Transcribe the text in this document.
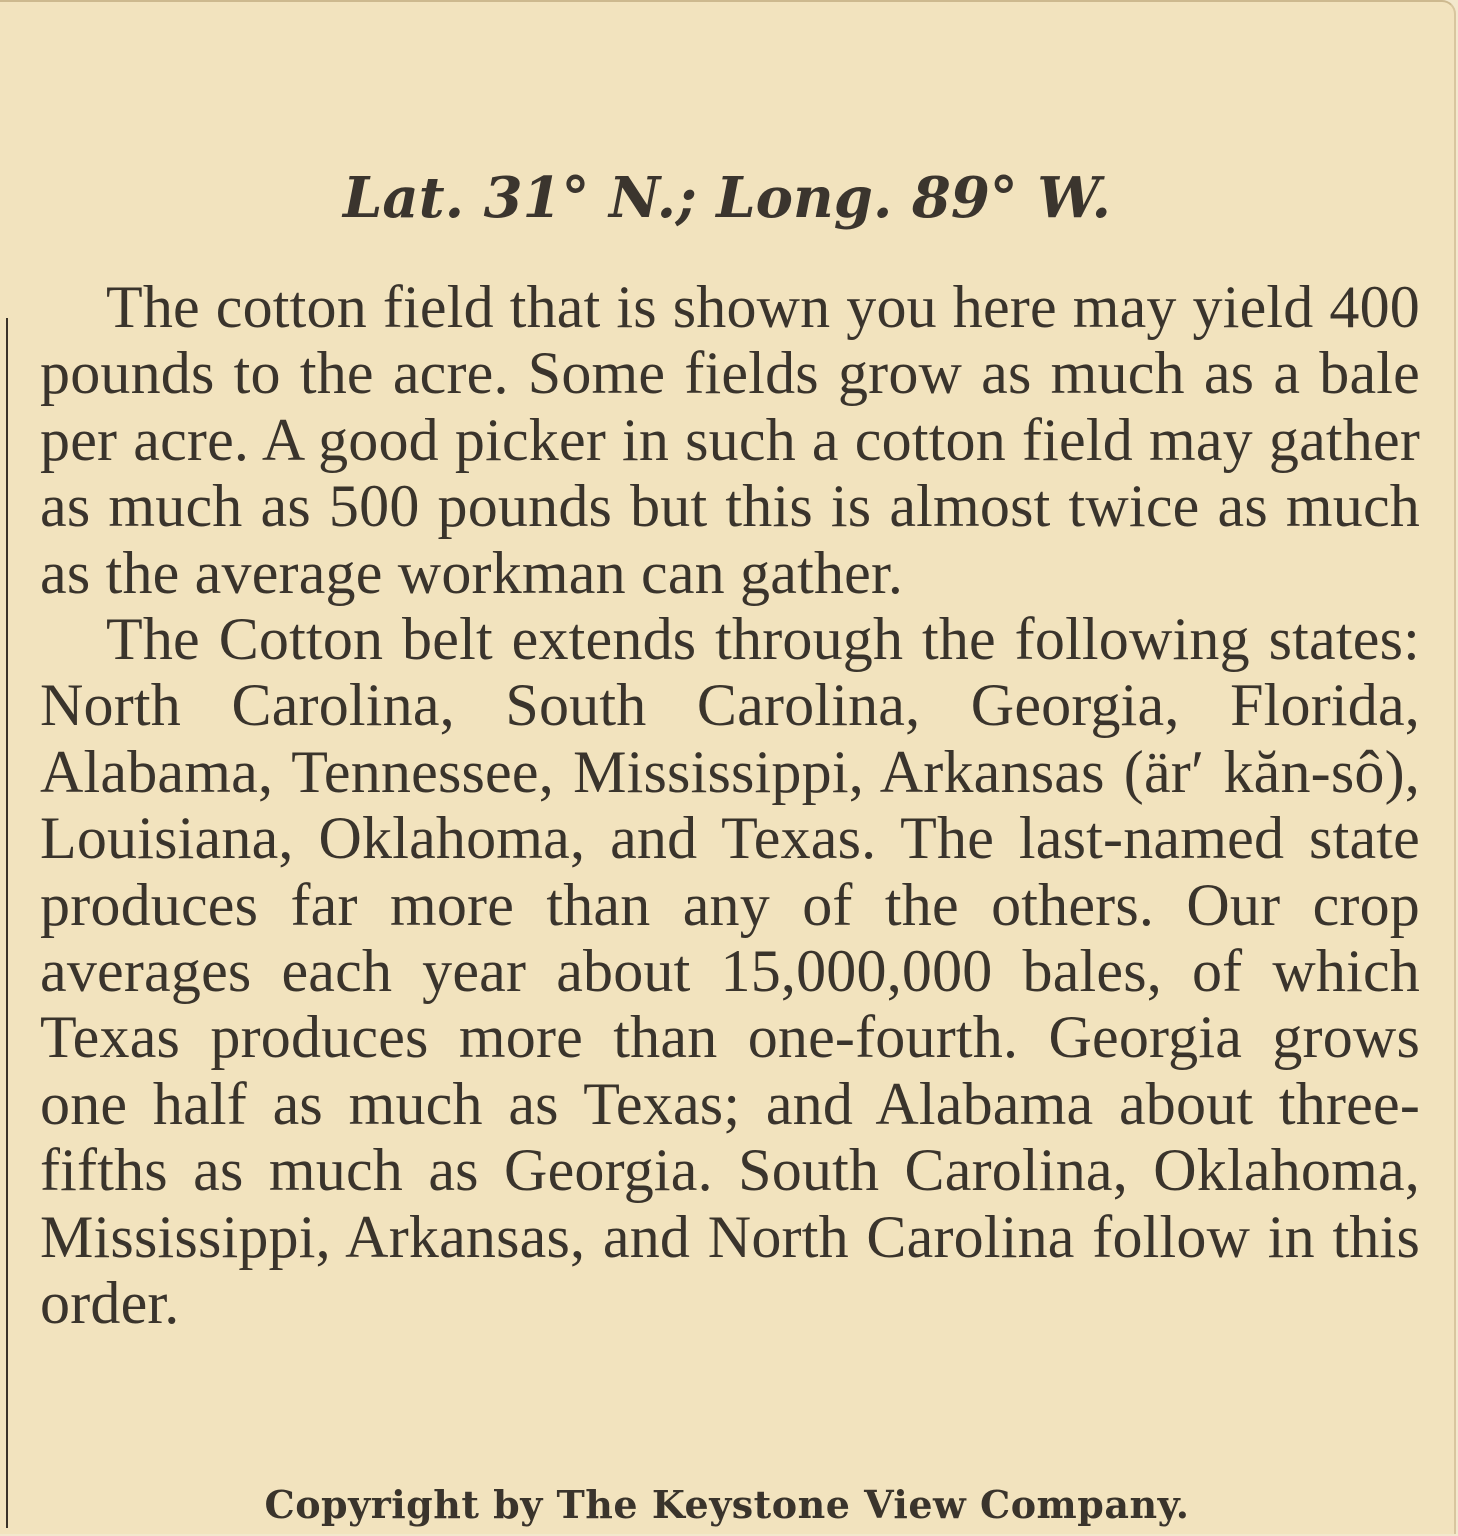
Lat. 31° N.; Long. 89° W.

The cotton field that is shown you here may yield 400 pounds to the acre. Some fields grow as much as a bale per acre. A good picker in such a cotton field may gather as much as 500 pounds but this is almost twice as much as the average workman can gather.

The Cotton belt extends through the following states: North Carolina, South Carolina, Georgia, Florida, Alabama, Tennessee, Mississippi, Arkansas (är′ kăn-sô), Louisiana, Oklahoma, and Texas. The last-named state produces far more than any of the others. Our crop averages each year about 15,000,000 bales, of which Texas produces more than one-fourth. Georgia grows one half as much as Texas; and Alabama about three-fifths as much as Georgia. South Carolina, Oklahoma, Mississippi, Arkansas, and North Carolina follow in this order.

Copyright by The Keystone View Company.
